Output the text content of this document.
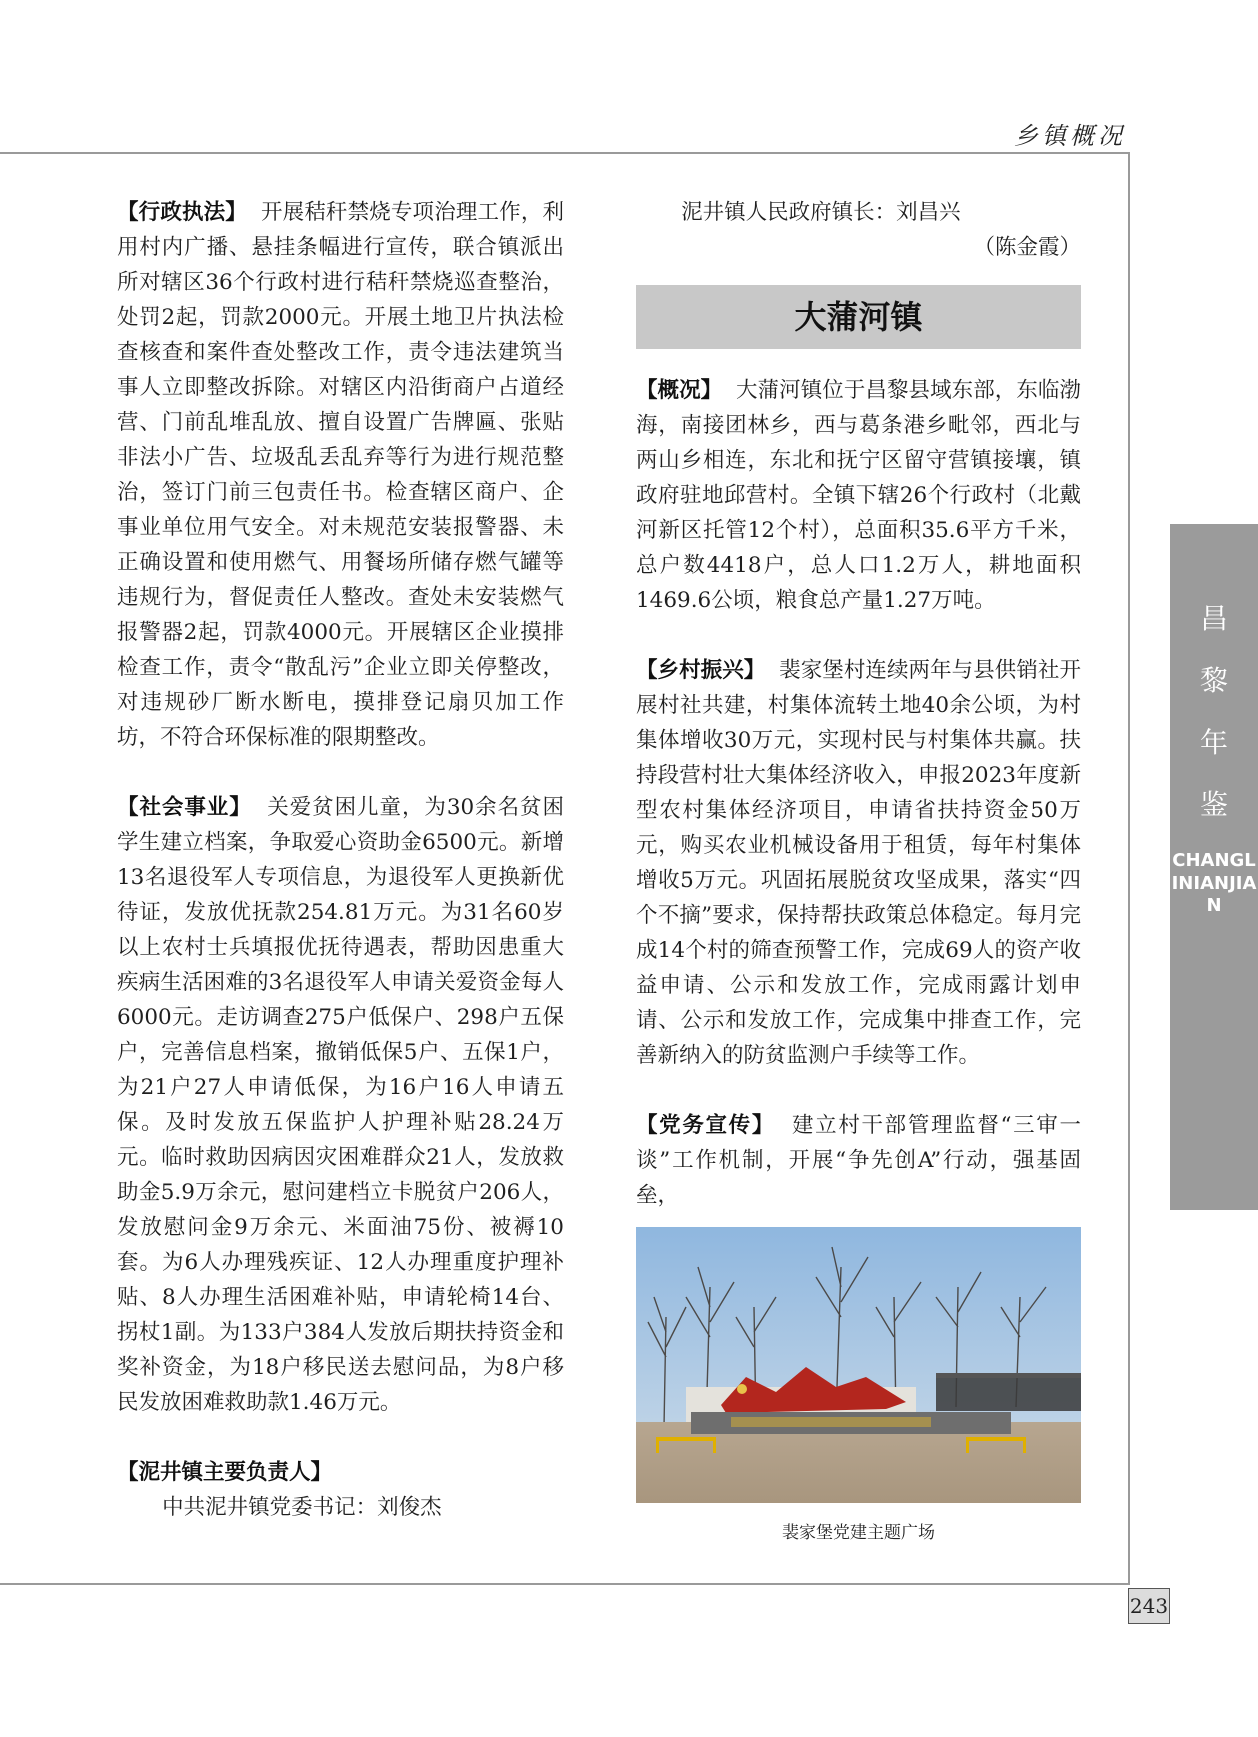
乡镇概况
昌
黎
年
鉴
CHANGLINIANJIAN

【行政执法】 开展秸秆禁烧专项治理工作，利用村内广播、悬挂条幅进行宣传，联合镇派出所对辖区36个行政村进行秸秆禁烧巡查整治，处罚2起，罚款2000元。开展土地卫片执法检查核查和案件查处整改工作，责令违法建筑当事人立即整改拆除。对辖区内沿街商户占道经营、门前乱堆乱放、擅自设置广告牌匾、张贴非法小广告、垃圾乱丢乱弃等行为进行规范整治，签订门前三包责任书。检查辖区商户、企事业单位用气安全。对未规范安装报警器、未正确设置和使用燃气、用餐场所储存燃气罐等违规行为，督促责任人整改。查处未安装燃气报警器2起，罚款4000元。开展辖区企业摸排检查工作，责令“散乱污”企业立即关停整改，对违规砂厂断水断电，摸排登记扇贝加工作坊，不符合环保标准的限期整改。

【社会事业】 关爱贫困儿童，为30余名贫困学生建立档案，争取爱心资助金6500元。新增13名退役军人专项信息，为退役军人更换新优待证，发放优抚款254.81万元。为31名60岁以上农村士兵填报优抚待遇表，帮助因患重大疾病生活困难的3名退役军人申请关爱资金每人6000元。走访调查275户低保户、298户五保户，完善信息档案，撤销低保5户、五保1户，为21户27人申请低保，为16户16人申请五保。及时发放五保监护人护理补贴28.24万元。临时救助因病因灾困难群众21人，发放救助金5.9万余元，慰问建档立卡脱贫户206人，发放慰问金9万余元、米面油75份、被褥10套。为6人办理残疾证、12人办理重度护理补贴、8人办理生活困难补贴，申请轮椅14台、拐杖1副。为133户384人发放后期扶持资金和奖补资金，为18户移民送去慰问品，为8户移民发放困难救助款1.46万元。

【泥井镇主要负责人】

中共泥井镇党委书记：刘俊杰

泥井镇人民政府镇长：刘昌兴

（陈金霞）

大蒲河镇

【概况】 大蒲河镇位于昌黎县域东部，东临渤海，南接团林乡，西与葛条港乡毗邻，西北与两山乡相连，东北和抚宁区留守营镇接壤，镇政府驻地邱营村。全镇下辖26个行政村（北戴河新区托管12个村），总面积35.6平方千米，总户数4418户，总人口1.2万人，耕地面积1469.6公顷，粮食总产量1.27万吨。

【乡村振兴】 裴家堡村连续两年与县供销社开展村社共建，村集体流转土地40余公顷，为村集体增收30万元，实现村民与村集体共赢。扶持段营村壮大集体经济收入，申报2023年度新型农村集体经济项目，申请省扶持资金50万元，购买农业机械设备用于租赁，每年村集体增收5万元。巩固拓展脱贫攻坚成果，落实“四个不摘”要求，保持帮扶政策总体稳定。每月完成14个村的筛查预警工作，完成69人的资产收益申请、公示和发放工作，完成雨露计划申请、公示和发放工作，完成集中排查工作，完善新纳入的防贫监测户手续等工作。

【党务宣传】 建立村干部管理监督“三审一谈”工作机制，开展“争先创A”行动，强基固垒，

裴家堡党建主题广场
243
